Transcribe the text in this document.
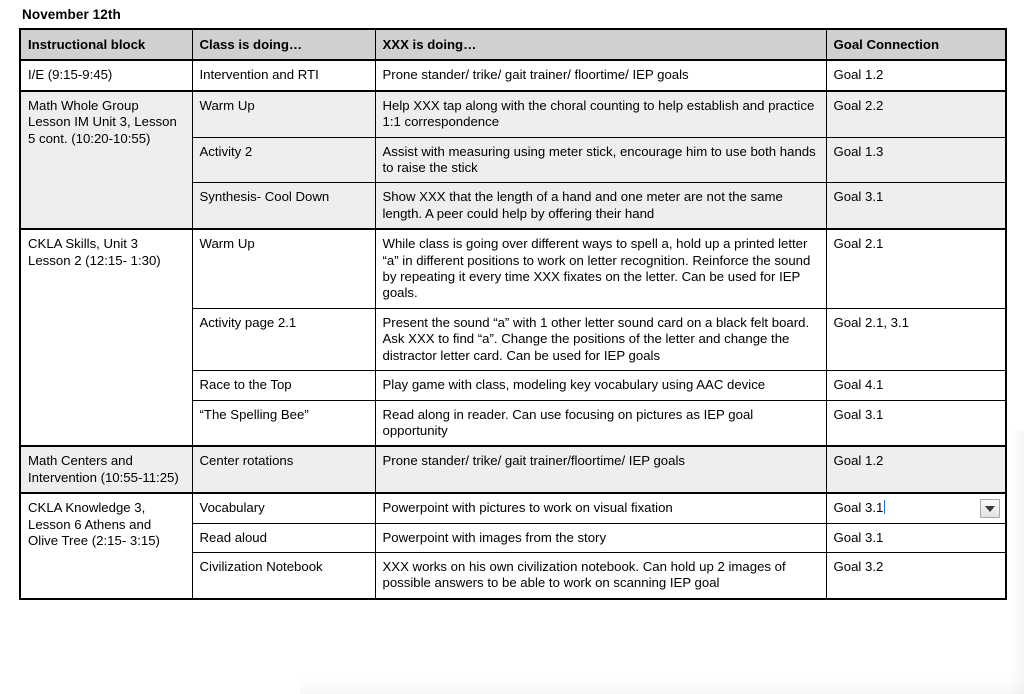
November 12th
Instructional block	Class is doing…	XXX is doing…	Goal Connection
I/E (9:15-9:45)	Intervention and RTI	Prone stander/ trike/ gait trainer/ floortime/ IEP goals	Goal 1.2
Math Whole Group Lesson IM Unit 3, Lesson 5 cont. (10:20-10:55)	Warm Up	Help XXX tap along with the choral counting to help establish and practice 1:1 correspondence	Goal 2.2
	Activity 2	Assist with measuring using meter stick, encourage him to use both hands to raise the stick	Goal 1.3
	Synthesis- Cool Down	Show XXX that the length of a hand and one meter are not the same length. A peer could help by offering their hand	Goal 3.1
CKLA Skills, Unit 3 Lesson 2 (12:15- 1:30)	Warm Up	While class is going over different ways to spell a, hold up a printed letter “a” in different positions to work on letter recognition. Reinforce the sound by repeating it every time XXX fixates on the letter. Can be used for IEP goals.	Goal 2.1
	Activity page 2.1	Present the sound “a” with 1 other letter sound card on a black felt board. Ask XXX to find “a”. Change the positions of the letter and change the distractor letter card. Can be used for IEP goals	Goal 2.1, 3.1
	Race to the Top	Play game with class, modeling key vocabulary using AAC device	Goal 4.1
	“The Spelling Bee”	Read along in reader. Can use focusing on pictures as IEP goal opportunity	Goal 3.1
Math Centers and Intervention (10:55-11:25)	Center rotations	Prone stander/ trike/ gait trainer/floortime/ IEP goals	Goal 1.2
CKLA Knowledge 3, Lesson 6 Athens and Olive Tree (2:15- 3:15)	Vocabulary	Powerpoint with pictures to work on visual fixation	Goal 3.1

	Read aloud	Powerpoint with images from the story	Goal 3.1
	Civilization Notebook	XXX works on his own civilization notebook. Can hold up 2 images of possible answers to be able to work on scanning IEP goal	Goal 3.2
